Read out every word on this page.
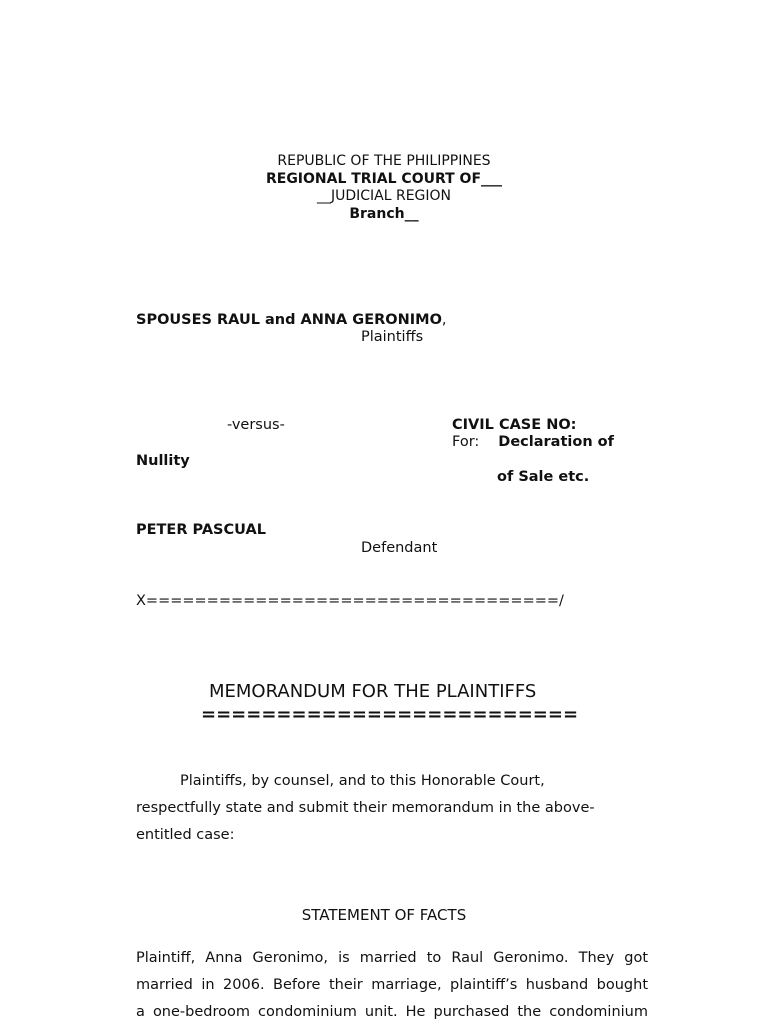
REPUBLIC OF THE PHILIPPINES
REGIONAL TRIAL COURT OF___
__JUDICIAL REGION
Branch__
SPOUSES RAUL and ANNA GERONIMO,
Plaintiffs
-versus-	CIVIL CASE NO:
For: Declaration of
Nullity
of Sale etc.
PETER PASCUAL
Defendant
X==================================/
MEMORANDUM FOR THE PLAINTIFFS
=========================
Plaintiffs, by counsel, and to this Honorable Court,
respectfully state and submit their memorandum in the above-
entitled case:
STATEMENT OF FACTS
Plaintiff, Anna Geronimo, is married to Raul Geronimo. They got
married in 2006. Before their marriage, plaintiff’s husband bought
a one-bedroom condominium unit. He purchased the condominium
